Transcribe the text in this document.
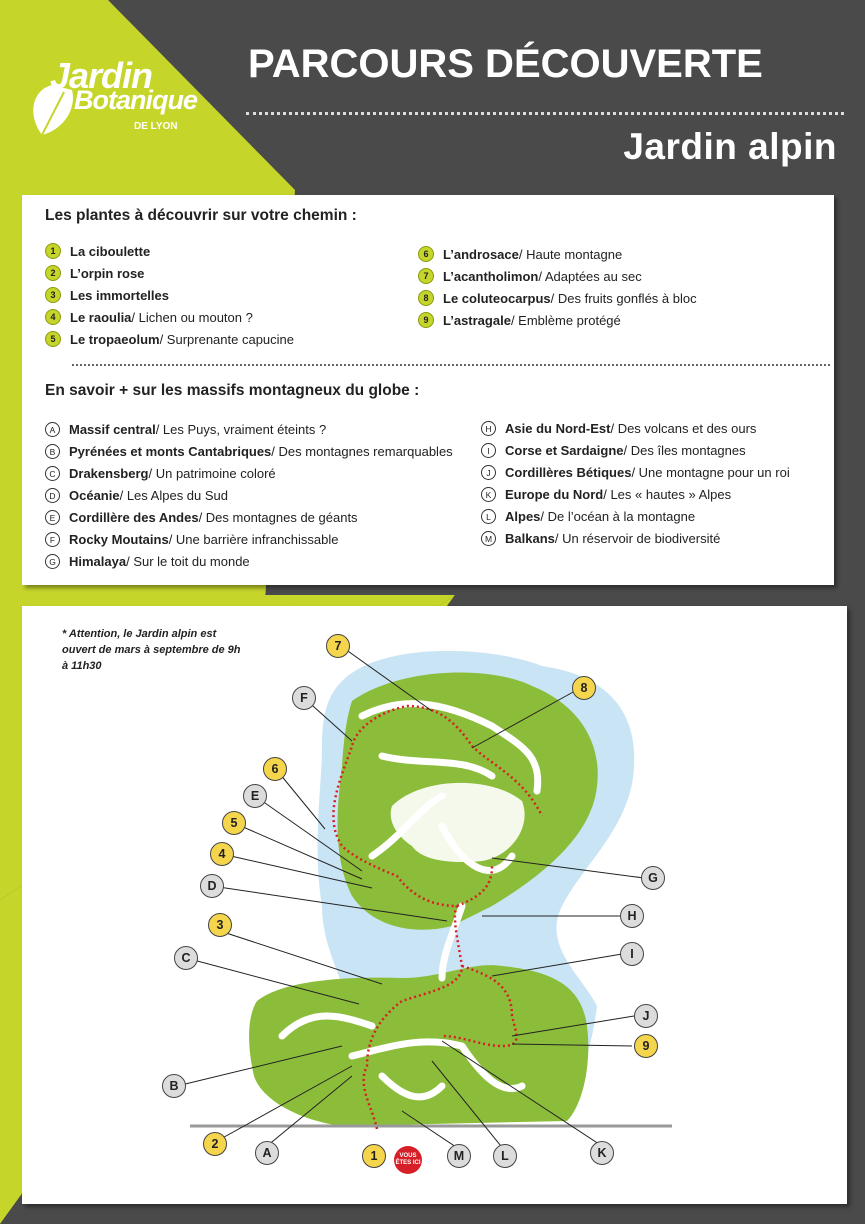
Jardin
Botanique
DE LYON
PARCOURS DÉCOUVERTE
Jardin alpin
Les plantes à découvrir sur votre chemin :
1	La ciboulette
2	L’orpin rose
3	Les immortelles
4	Le raoulia / Lichen ou mouton ?
5	Le tropaeolum / Surprenante capucine
6	L’androsace / Haute montagne
7	L’acantholimon / Adaptées au sec
8	Le coluteocarpus / Des fruits gonflés à bloc
9	L’astragale / Emblème protégé
En savoir + sur les massifs montagneux du globe :
A	Massif central / Les Puys, vraiment éteints ?
B	Pyrénées et monts Cantabriques / Des montagnes remarquables
C	Drakensberg / Un patrimoine coloré
D	Océanie / Les Alpes du Sud
E	Cordillère des Andes / Des montagnes de géants
F	Rocky Moutains / Une barrière infranchissable
G	Himalaya / Sur le toit du monde
H	Asie du Nord-Est / Des volcans et des ours
I	Corse et Sardaigne / Des îles montagnes
J	Cordillères Bétiques / Une montagne pour un roi
K	Europe du Nord / Les « hautes » Alpes
L	Alpes / De l’océan à la montagne
M Balkans / Un réservoir de biodiversité
* Attention, le Jardin alpin est ouvert de mars à septembre de 9h à 11h30
7
8
F
6
E
5
4
D
3
C
G
H
I
J
9
B
2
A	1	M	L	K
VOUS ÊTES ICI
